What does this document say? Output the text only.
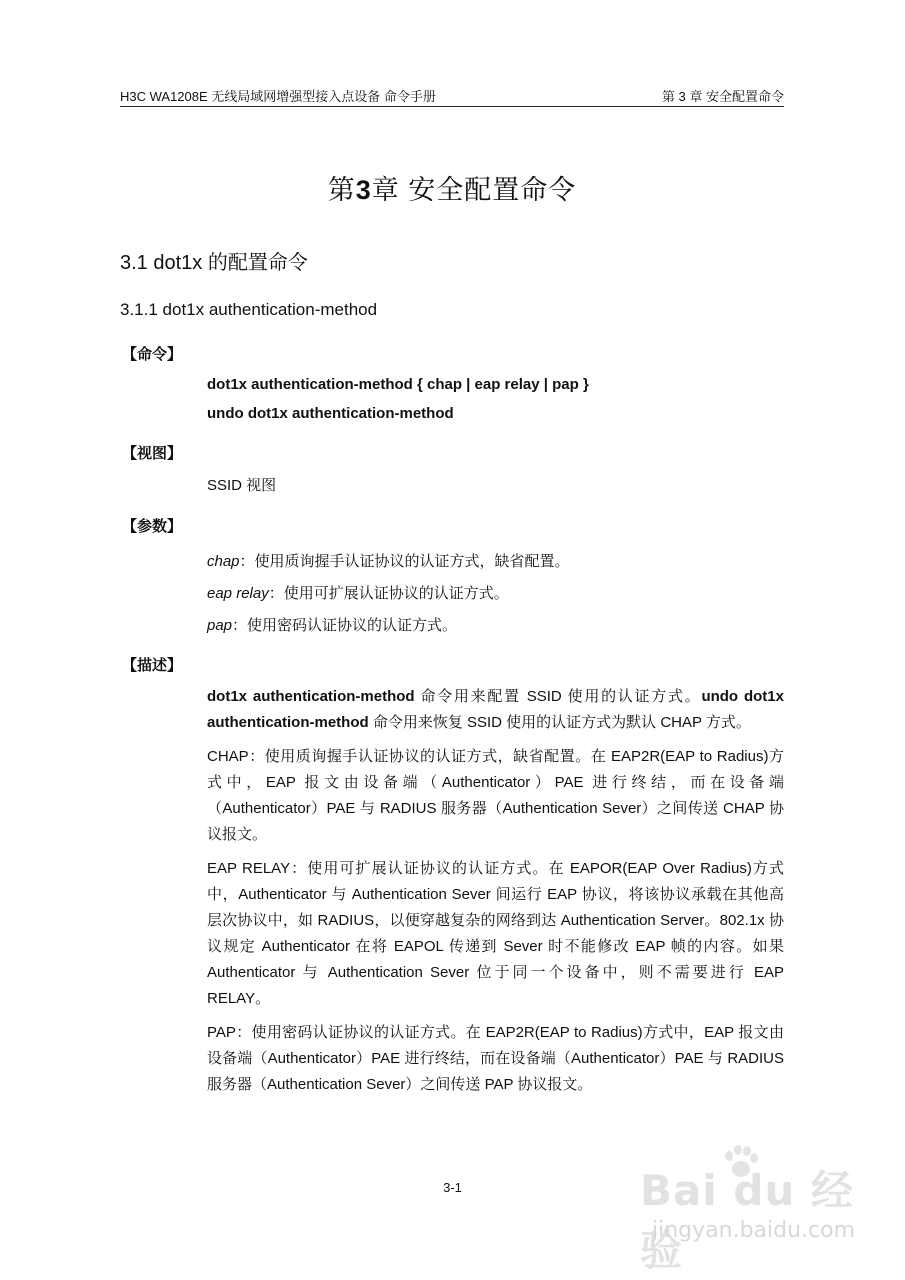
H3C WA1208E 无线局域网增强型接入点设备 命令手册	第 3 章 安全配置命令
第3章 安全配置命令
3.1 dot1x 的配置命令
3.1.1 dot1x authentication-method
【命令】
dot1x authentication-method { chap | eap relay | pap }
undo dot1x authentication-method
【视图】
SSID 视图
【参数】
chap：使用质询握手认证协议的认证方式，缺省配置。
eap relay：使用可扩展认证协议的认证方式。
pap：使用密码认证协议的认证方式。
【描述】

dot1x authentication-method 命令用来配置 SSID 使用的认证方式。undo dot1x authentication-method 命令用来恢复 SSID 使用的认证方式为默认 CHAP 方式。

CHAP：使用质询握手认证协议的认证方式，缺省配置。在 EAP2R(EAP to Radius)方式中，EAP 报文由设备端（Authenticator）PAE 进行终结，而在设备端（Authenticator）PAE 与 RADIUS 服务器（Authentication Sever）之间传送 CHAP 协议报文。

EAP RELAY：使用可扩展认证协议的认证方式。在 EAPOR(EAP Over Radius)方式中，Authenticator 与 Authentication Sever 间运行 EAP 协议，将该协议承载在其他高层次协议中，如 RADIUS，以便穿越复杂的网络到达 Authentication Server。802.1x 协议规定 Authenticator 在将 EAPOL 传递到 Sever 时不能修改 EAP 帧的内容。如果 Authenticator 与 Authentication Sever 位于同一个设备中，则不需要进行 EAP RELAY。

PAP：使用密码认证协议的认证方式。在 EAP2R(EAP to Radius)方式中，EAP 报文由设备端（Authenticator）PAE 进行终结，而在设备端（Authenticator）PAE 与 RADIUS 服务器（Authentication Sever）之间传送 PAP 协议报文。

3-1	Bai du 经验
jingyan.baidu.com
